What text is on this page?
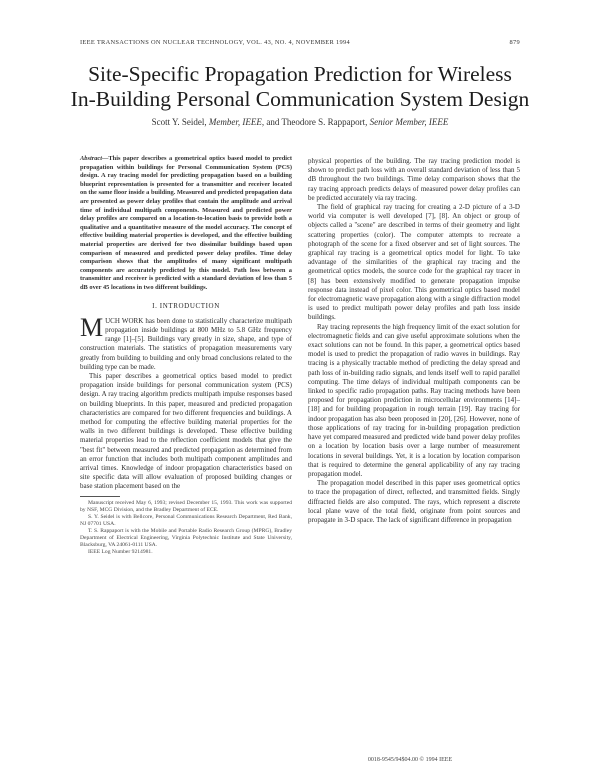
IEEE TRANSACTIONS ON NUCLEAR TECHNOLOGY, VOL. 43, NO. 4, NOVEMBER 1994	879
Site-Specific Propagation Prediction for Wireless
In-Building Personal Communication System Design
Scott Y. Seidel, Member, IEEE, and Theodore S. Rappaport, Senior Member, IEEE

Abstract—This paper describes a geometrical optics based model to predict propagation within buildings for Personal Communication System (PCS) design. A ray tracing model for predicting propagation based on a building blueprint representation is presented for a transmitter and receiver located on the same floor inside a building. Measured and predicted propagation data are presented as power delay profiles that contain the amplitude and arrival time of individual multipath components. Measured and predicted power delay profiles are compared on a location-to-location basis to provide both a qualitative and a quantitative measure of the model accuracy. The concept of effective building material properties is developed, and the effective building material properties are derived for two dissimilar buildings based upon comparison of measured and predicted power delay profiles. Time delay comparison shows that the amplitudes of many significant multipath components are accurately predicted by this model. Path loss between a transmitter and receiver is predicted with a standard deviation of less than 5 dB over 45 locations in two different buildings.

I. INTRODUCTION

MUCH WORK has been done to statistically characterize multipath propagation inside buildings at 800 MHz to 5.8 GHz frequency range [1]–[5]. Buildings vary greatly in size, shape, and type of construction materials. The statistics of propagation measurements vary greatly from building to building and only broad conclusions related to the building type can be made.

This paper describes a geometrical optics based model to predict propagation inside buildings for personal communication system (PCS) design. A ray tracing algorithm predicts multipath impulse responses based on building blueprints. In this paper, measured and predicted propagation characteristics are compared for two different frequencies and buildings. A method for computing the effective building material properties for the walls in two different buildings is developed. These effective building material properties lead to the reflection coefficient models that give the "best fit" between measured and predicted propagation as determined from an error function that includes both multipath component amplitudes and arrival times. Knowledge of indoor propagation characteristics based on site specific data will allow evaluation of proposed building changes or base station placement based on the

Manuscript received May 6, 1993; revised December 15, 1993. This work was supported by NSF, MCG Division, and the Bradley Department of ECE.
S. Y. Seidel is with Bellcore, Personal Communications Research Department, Red Bank, NJ 07701 USA.
T. S. Rappaport is with the Mobile and Portable Radio Research Group (MPRG), Bradley Department of Electrical Engineering, Virginia Polytechnic Institute and State University, Blacksburg, VA 24061-0111 USA.
IEEE Log Number 9214981.

physical properties of the building. The ray tracing prediction model is shown to predict path loss with an overall standard deviation of less than 5 dB throughout the two buildings. Time delay comparison shows that the ray tracing approach predicts delays of measured power delay profiles can be predicted accurately via ray tracing.

The field of graphical ray tracing for creating a 2-D picture of a 3-D world via computer is well developed [7], [8]. An object or group of objects called a "scene" are described in terms of their geometry and light scattering properties (color). The computer attempts to recreate a photograph of the scene for a fixed observer and set of light sources. The graphical ray tracing is a geometrical optics model for light. To take advantage of the similarities of the graphical ray tracing and the geometrical optics models, the source code for the graphical ray tracer in [8] has been extensively modified to generate propagation impulse response data instead of pixel color. This geometrical optics based model for electromagnetic wave propagation along with a single diffraction model is used to predict multipath power delay profiles and path loss inside buildings.

Ray tracing represents the high frequency limit of the exact solution for electromagnetic fields and can give useful approximate solutions when the exact solutions can not be found. In this paper, a geometrical optics based model is used to predict the propagation of radio waves in buildings. Ray tracing is a physically tractable method of predicting the delay spread and path loss of in-building radio signals, and lends itself well to rapid parallel computing. The time delays of individual multipath components can be linked to specific radio propagation paths. Ray tracing methods have been proposed for propagation prediction in microcellular environments [14]–[18] and for building propagation in rough terrain [19]. Ray tracing for indoor propagation has also been proposed in [20], [26]. However, none of those applications of ray tracing for in-building propagation prediction have yet compared measured and predicted wide band power delay profiles on a location by location basis over a large number of measurement locations in several buildings. Yet, it is a location by location comparison that is required to determine the general applicability of any ray tracing propagation model.

The propagation model described in this paper uses geometrical optics to trace the propagation of direct, reflected, and transmitted fields. Singly diffracted fields are also computed. The rays, which represent a discrete local plane wave of the total field, originate from point sources and propagate in 3-D space. The lack of significant difference in propagation

0018-9545/94$04.00 © 1994 IEEE
